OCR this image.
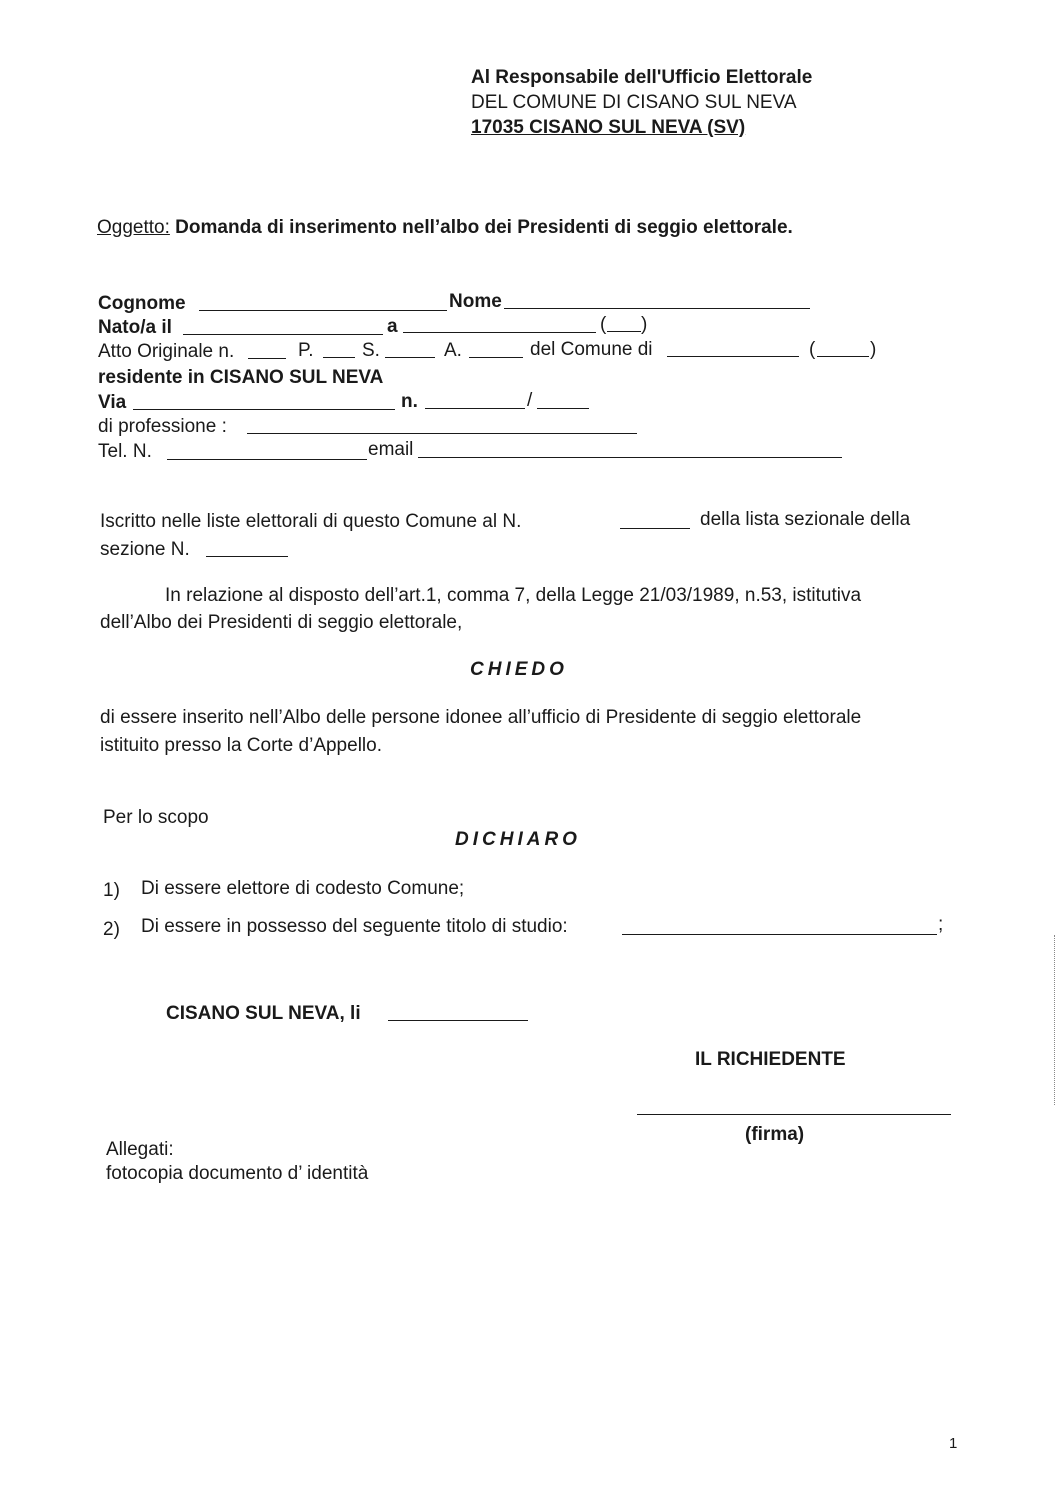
Al Responsabile dell'Ufficio Elettorale
DEL COMUNE DI CISANO SUL NEVA
17035 CISANO SUL NEVA (SV)
Oggetto: Domanda di inserimento nell’albo dei Presidenti di seggio elettorale.
Cognome	Nome
Nato/a il	a	( )
Atto Originale n.	P.	S.	A.	del Comune di	(	)
residente in CISANO SUL NEVA
Via	n.	/
di professione :
Tel. N.	email
Iscritto nelle liste elettorali di questo Comune al N.	della lista sezionale della
sezione N.
In relazione al disposto dell’art.1, comma 7, della Legge 21/03/1989, n.53, istitutiva
dell’Albo dei Presidenti di seggio elettorale,
CHIEDO
di essere inserito nell’Albo delle persone idonee all’ufficio di Presidente di seggio elettorale
istituito presso la Corte d’Appello.
Per lo scopo
DICHIARO
1) Di essere elettore di codesto Comune;
2) Di essere in possesso del seguente titolo di studio:	;
CISANO SUL NEVA, li
IL RICHIEDENTE
(firma)
Allegati:
fotocopia documento d’ identità
1
